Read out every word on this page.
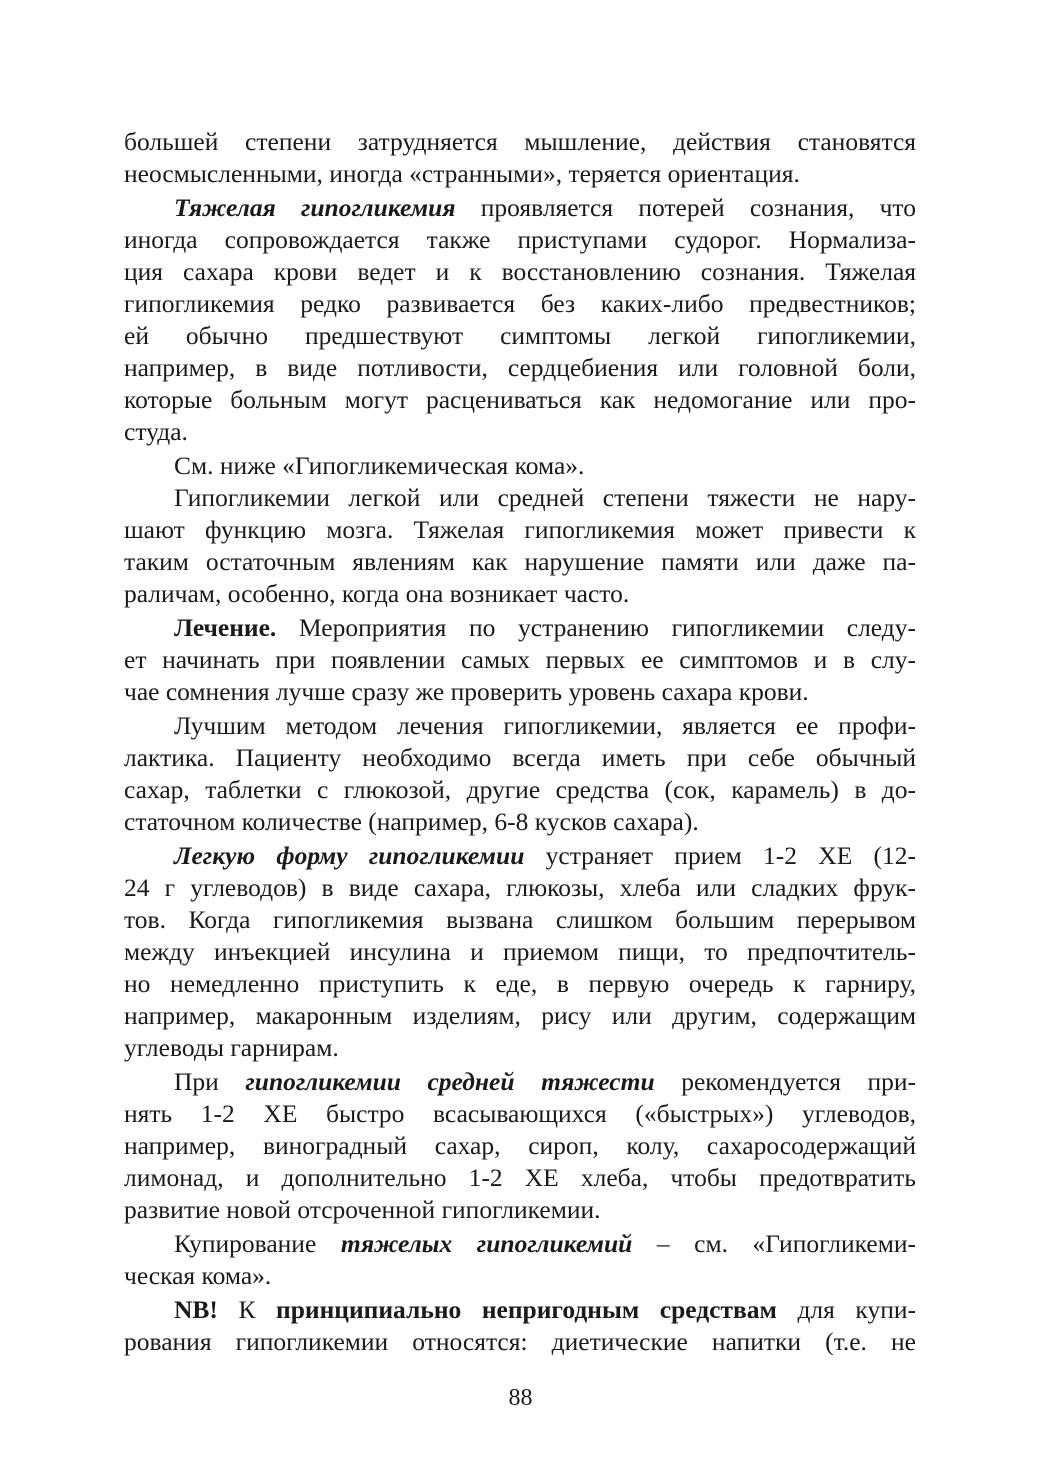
большей степени затрудняется мышление, действия становятся
неосмысленными, иногда «странными», теряется ориентация.
Тяжелая гипогликемия проявляется потерей сознания, что
иногда сопровождается также приступами судорог. Нормализа-
ция сахара крови ведет и к восстановлению сознания. Тяжелая
гипогликемия редко развивается без каких-либо предвестников;
ей обычно предшествуют симптомы легкой гипогликемии,
например, в виде потливости, сердцебиения или головной боли,
которые больным могут расцениваться как недомогание или про-
студа.
См. ниже «Гипогликемическая кома».
Гипогликемии легкой или средней степени тяжести не нару-
шают функцию мозга. Тяжелая гипогликемия может привести к
таким остаточным явлениям как нарушение памяти или даже па-
раличам, особенно, когда она возникает часто.
Лечение. Мероприятия по устранению гипогликемии следу-
ет начинать при появлении самых первых ее симптомов и в слу-
чае сомнения лучше сразу же проверить уровень сахара крови.
Лучшим методом лечения гипогликемии, является ее профи-
лактика. Пациенту необходимо всегда иметь при себе обычный
сахар, таблетки с глюкозой, другие средства (сок, карамель) в до-
статочном количестве (например, 6-8 кусков сахара).
Легкую форму гипогликемии устраняет прием 1-2 ХЕ (12-
24 г углеводов) в виде сахара, глюкозы, хлеба или сладких фрук-
тов. Когда гипогликемия вызвана слишком большим перерывом
между инъекцией инсулина и приемом пищи, то предпочтитель-
но немедленно приступить к еде, в первую очередь к гарниру,
например, макаронным изделиям, рису или другим, содержащим
углеводы гарнирам.
При гипогликемии средней тяжести рекомендуется при-
нять 1-2 ХЕ быстро всасывающихся («быстрых») углеводов,
например, виноградный сахар, сироп, колу, сахаросодержащий
лимонад, и дополнительно 1-2 ХЕ хлеба, чтобы предотвратить
развитие новой отсроченной гипогликемии.
Купирование тяжелых гипогликемий – см. «Гипогликеми-
ческая кома».
NB! К принципиально непригодным средствам для купи-
рования гипогликемии относятся: диетические напитки (т.е. не
88
